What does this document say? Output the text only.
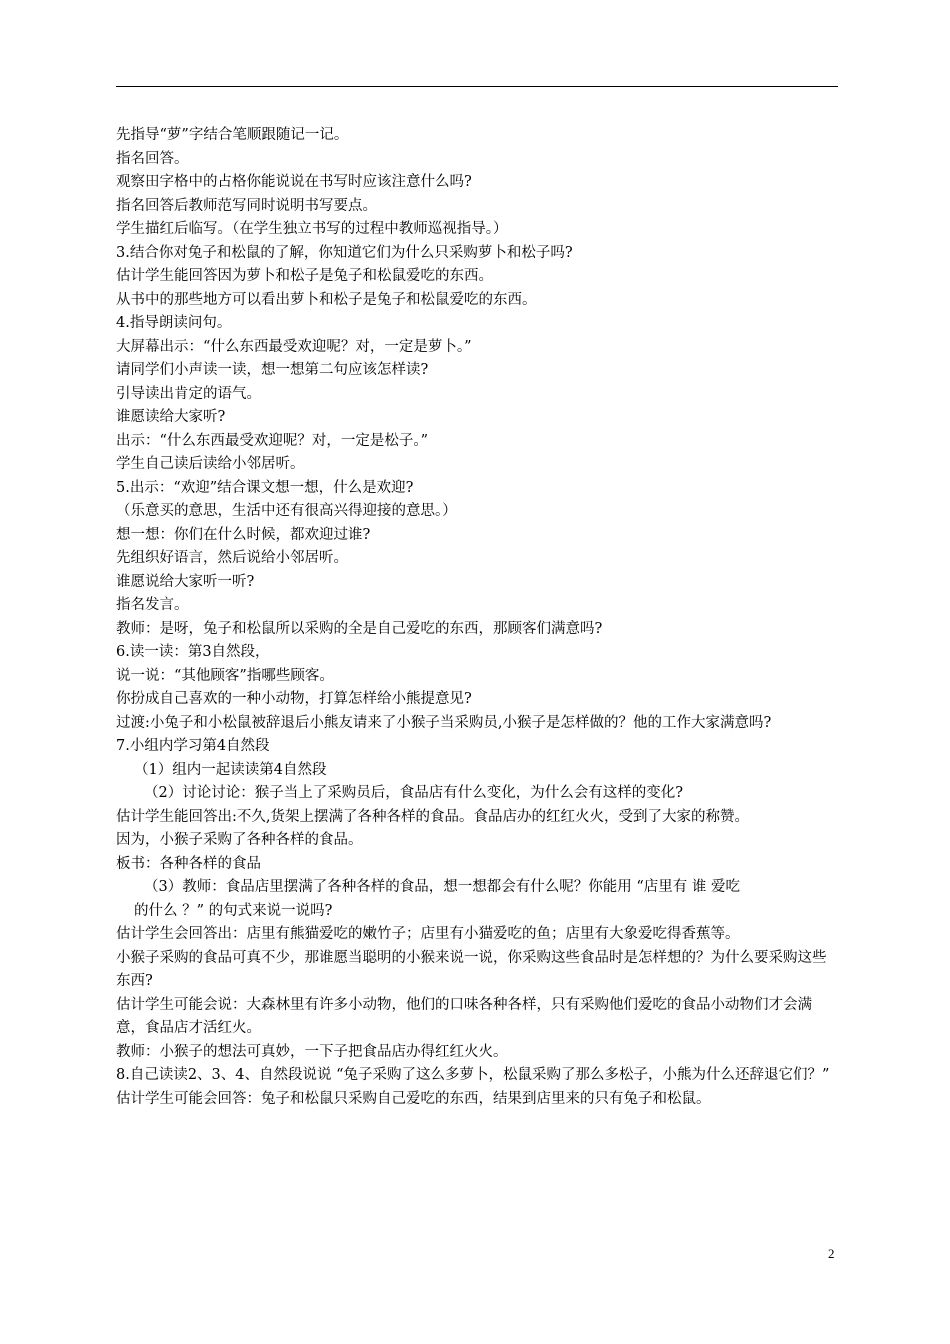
先指导“萝”字结合笔顺跟随记一记。
指名回答。
观察田字格中的占格你能说说在书写时应该注意什么吗?
指名回答后教师范写同时说明书写要点。
学生描红后临写。（在学生独立书写的过程中教师巡视指导。）
3.结合你对兔子和松鼠的了解，你知道它们为什么只采购萝卜和松子吗?
估计学生能回答因为萝卜和松子是兔子和松鼠爱吃的东西。
从书中的那些地方可以看出萝卜和松子是兔子和松鼠爱吃的东西。
4.指导朗读问句。
大屏幕出示：“什么东西最受欢迎呢？对，一定是萝卜。”
请同学们小声读一读，想一想第二句应该怎样读?
引导读出肯定的语气。
谁愿读给大家听?
出示：“什么东西最受欢迎呢？对，一定是松子。”
学生自己读后读给小邻居听。
5.出示：“欢迎”结合课文想一想，什么是欢迎?
（乐意买的意思，生活中还有很高兴得迎接的意思。）
想一想：你们在什么时候，都欢迎过谁?
先组织好语言，然后说给小邻居听。
谁愿说给大家听一听?
指名发言。
教师：是呀，兔子和松鼠所以采购的全是自己爱吃的东西，那顾客们满意吗?
6.读一读：第3自然段，
说一说：“其他顾客”指哪些顾客。
你扮成自己喜欢的一种小动物，打算怎样给小熊提意见?
过渡:小兔子和小松鼠被辞退后小熊友请来了小猴子当采购员,小猴子是怎样做的？他的工作大家满意吗?
7.小组内学习第4自然段
（1）组内一起读读第4自然段
（2）讨论讨论：猴子当上了采购员后，食品店有什么变化，为什么会有这样的变化?
估计学生能回答出:不久,货架上摆满了各种各样的食品。食品店办的红红火火，受到了大家的称赞。
因为，小猴子采购了各种各样的食品。
板书：各种各样的食品
（3）教师：食品店里摆满了各种各样的食品，想一想都会有什么呢？你能用 “店里有 谁 爱吃
的什么 ？” 的句式来说一说吗?
估计学生会回答出：店里有熊猫爱吃的嫩竹子；店里有小猫爱吃的鱼；店里有大象爱吃得香蕉等。
小猴子采购的食品可真不少，那谁愿当聪明的小猴来说一说，你采购这些食品时是怎样想的？为什么要采购这些东西?
估计学生可能会说：大森林里有许多小动物，他们的口味各种各样，只有采购他们爱吃的食品小动物们才会满意，食品店才活红火。
教师：小猴子的想法可真妙，一下子把食品店办得红红火火。
8.自己读读2、3、4、自然段说说 “兔子采购了这么多萝卜，松鼠采购了那么多松子，小熊为什么还辞退它们？”
估计学生可能会回答：兔子和松鼠只采购自己爱吃的东西，结果到店里来的只有兔子和松鼠。
2
